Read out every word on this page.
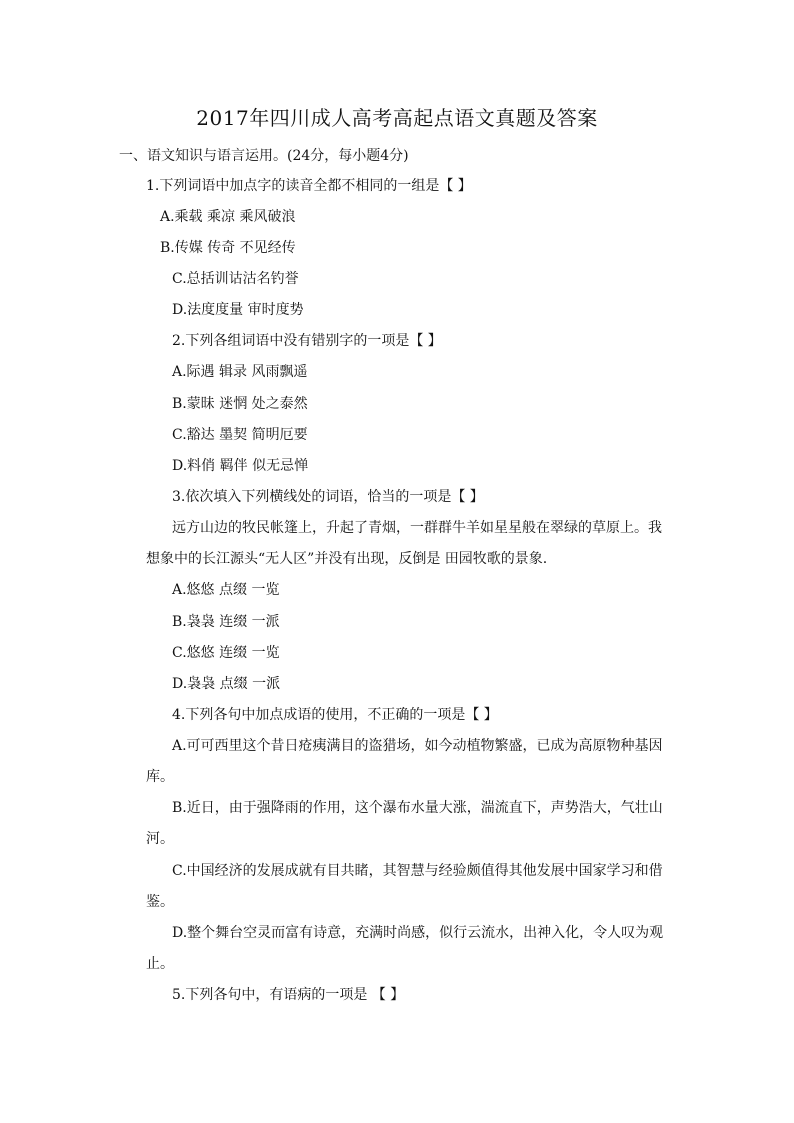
2017年四川成人高考高起点语文真题及答案
一、语文知识与语言运用。(24分，每小题4分)
1.下列词语中加点字的读音全都不相同的一组是【 】
A.乘载 乘凉 乘风破浪
B.传媒 传奇 不见经传
C.总括训诂沽名钓誉
D.法度度量 审时度势
2.下列各组词语中没有错别字的一项是【 】
A.际遇 辑录 风雨飘遥
B.蒙昧 迷惘 处之泰然
C.豁达 墨契 简明厄要
D.料俏 羁伴 似无忌惮
3.依次填入下列横线处的词语，恰当的一项是【 】
远方山边的牧民帐篷上，升起了青烟，一群群牛羊如星星般在翠绿的草原上。我
想象中的长江源头“无人区”并没有出现，反倒是 田园牧歌的景象.
A.悠悠 点缀 一览
B.袅袅 连缀 一派
C.悠悠 连缀 一览
D.袅袅 点缀 一派
4.下列各句中加点成语的使用，不正确的一项是【 】
A.可可西里这个昔日疮痍满目的盗猎场，如今动植物繁盛，已成为高原物种基因
库。
B.近日，由于强降雨的作用，这个瀑布水量大涨，湍流直下，声势浩大，气壮山
河。
C.中国经济的发展成就有目共睹，其智慧与经验颇值得其他发展中国家学习和借
鉴。
D.整个舞台空灵而富有诗意，充满时尚感，似行云流水，出神入化，令人叹为观
止。
5.下列各句中，有语病的一项是 【 】
